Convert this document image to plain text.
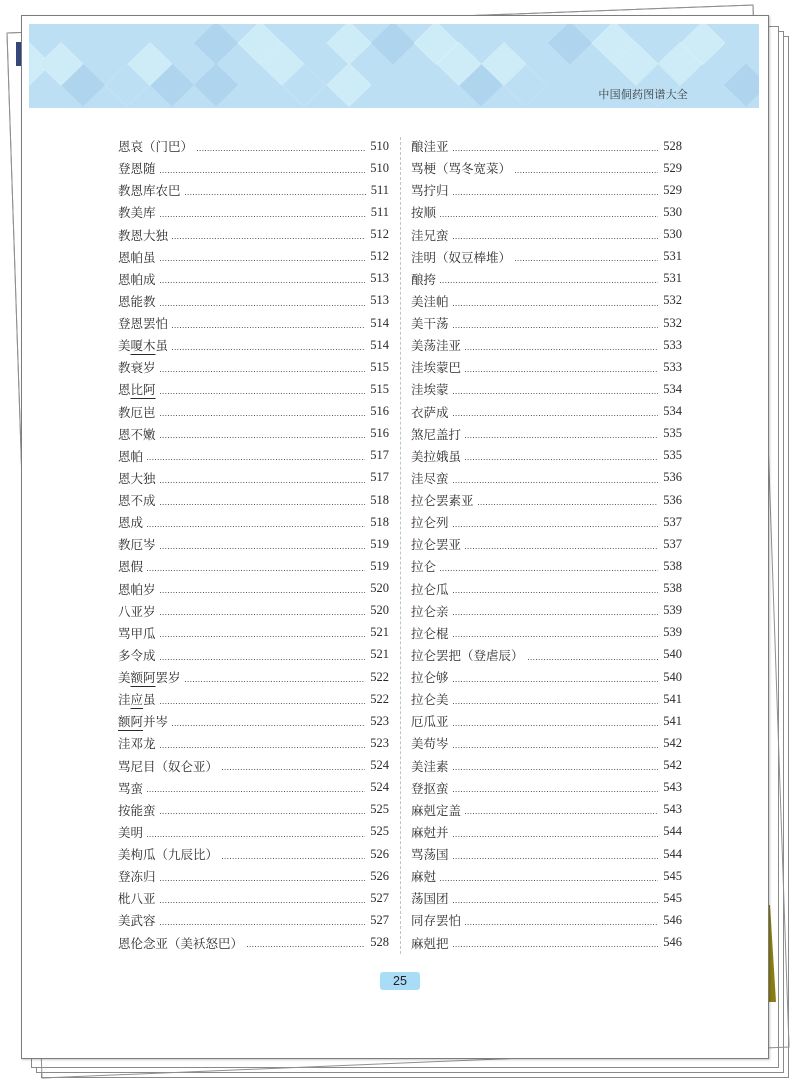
中国侗药图谱大全
恩哀（门巴）	510
登恩随	510
教恩库农巴	511
教美库	511
教恩大独	512
恩帕虽	512
恩帕成	513
恩能教	513
登恩罢怕	514
美嗄木虽	514
教衰岁	515
恩比阿	515
教厄岜	516
恩不嫩	516
恩帕	517
恩大独	517
恩不成	518
恩成	518
教厄岑	519
恩假	519
恩帕岁	520
八亚岁	520
骂甲瓜	521
多令成	521
美额阿罢岁	522
洼应虽	522
额阿并岑	523
洼邓龙	523
骂尼目（奴仑亚）	524
骂蛮	524
按能蛮	525
美明	525
美枸瓜（九辰比）	526
登冻归	526
枇八亚	527
美武容	527
恩伦念亚（美袄怒巴）	528
酿洼亚	528
骂梗（骂冬宽菜）	529
骂拧归	529
按顺	530
洼兄蛮	530
洼明（奴豆棒堆）	531
酿挎	531
美洼帕	532
美干荡	532
美荡洼亚	533
洼埃蒙巴	533
洼埃蒙	534
衣萨成	534
煞尼盖打	535
美拉娥虽	535
洼尽蛮	536
拉仑罢素亚	536
拉仑列	537
拉仑罢亚	537
拉仑	538
拉仑瓜	538
拉仑亲	539
拉仑棍	539
拉仑罢把（登虐辰）	540
拉仑够	540
拉仑美	541
厄瓜亚	541
美苟岑	542
美洼素	542
登抠蛮	543
麻剋定盖	543
麻尅并	544
骂荡国	544
麻尅	545
荡国团	545
同存罢怕	546
麻剋把	546
25
